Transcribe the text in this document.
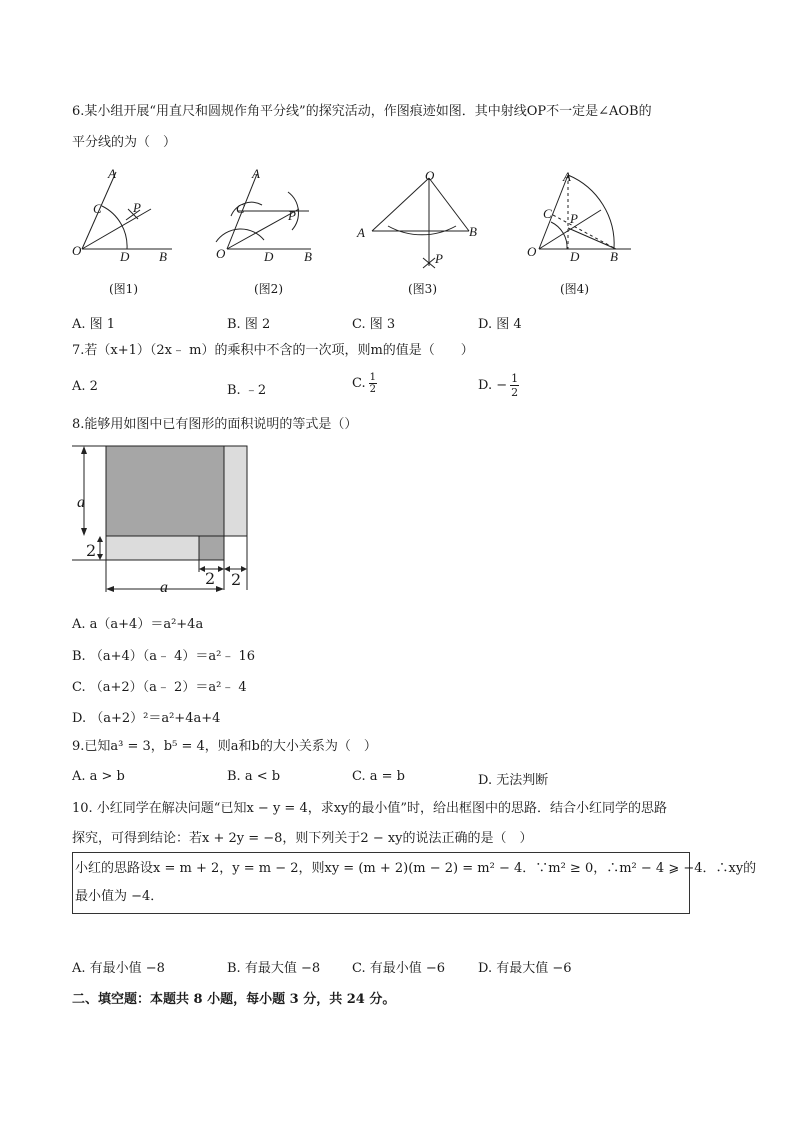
6.某小组开展“用直尺和圆规作角平分线”的探究活动，作图痕迹如图．其中射线OP不一定是∠AOB的
平分线的为（　）
A
C P
O	D B
A
C	P
O	D B
O
A	B
P
A
C P
O	D B
(图1)	(图2)	(图3)	(图4)
A. 图 1	B. 图 2	C. 图 3	D. 图 4
7.若（x+1）（2x﹣ m）的乘积中不含的一次项，则m的值是（　　）
A. 2	B. ﹣2	C. $\frac{1}{2}$	D. − $\frac{1}{2}$
8.能够用如图中已有图形的面积说明的等式是（）
a
2
a 2 2
A. a（a+4）＝a²+4a
B. （a+4）（a﹣ 4）＝a²﹣ 16
C. （a+2）（a﹣ 2）＝a²﹣ 4
D. （a+2）²＝a²+4a+4
9.已知a³ = 3，b⁵ = 4，则a和b的大小关系为（　）
A. a > b	B. a < b	C. a = b	D. 无法判断
10. 小红同学在解决问题“已知x − y = 4，求xy的最小值”时，给出框图中的思路．结合小红同学的思路
探究，可得到结论：若x + 2y = −8，则下列关于2 − xy的说法正确的是（　）
小红的思路设x = m + 2，y = m − 2，则xy = (m + 2)(m − 2) = m² − 4．∵m² ≥ 0，∴m² − 4 ⩾ −4．∴xy的
最小值为 −4．
A. 有最小值 −8	B. 有最大值 −8 C. 有最小值 −6	D. 有最大值 −6
二、填空题：本题共 8 小题，每小题 3 分，共 24 分。
